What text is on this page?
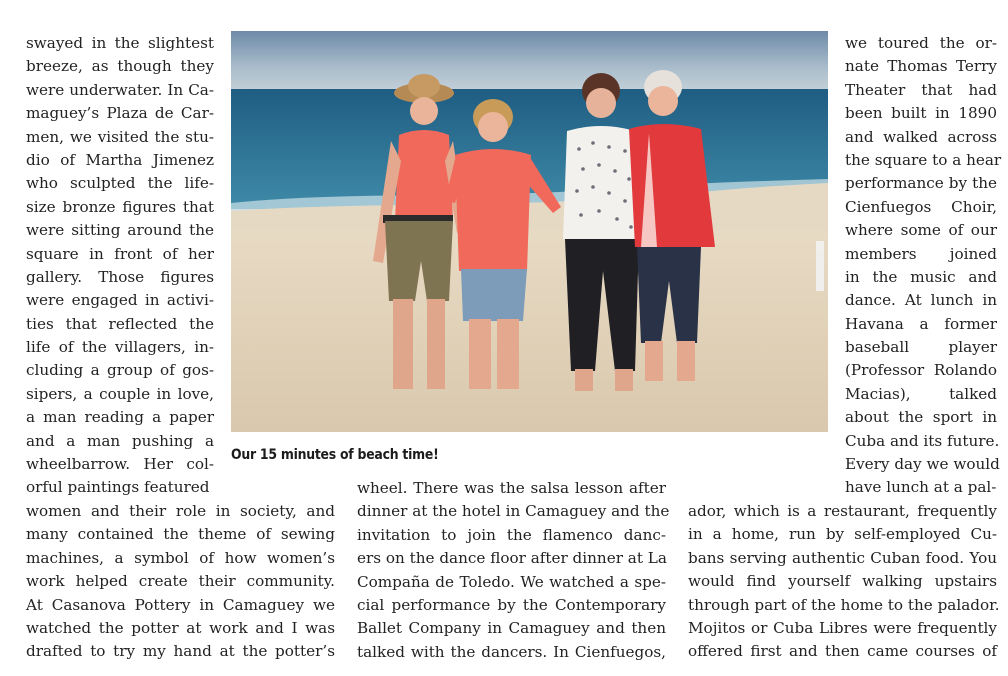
swayed in the slightest
breeze, as though they
were underwater. In Ca-
maguey’s Plaza de Car-
men, we visited the stu-
dio of Martha Jimenez
who sculpted the life-
size bronze figures that
were sitting around the
square in front of her
gallery. Those figures
were engaged in activi-
ties that reflected the
life of the villagers, in-
cluding a group of gos-
sipers, a couple in love,
a man reading a paper
and a man pushing a
wheelbarrow. Her col-
orful paintings featured
Our 15 minutes of beach time!
women and their role in society, and
many contained the theme of sewing
machines, a symbol of how women’s
work helped create their community.
At Casanova Pottery in Camaguey we
watched the potter at work and I was
drafted to try my hand at the potter’s
wheel. There was the salsa lesson after
dinner at the hotel in Camaguey and the
invitation to join the flamenco danc-
ers on the dance floor after dinner at La
Compaña de Toledo. We watched a spe-
cial performance by the Contemporary
Ballet Company in Camaguey and then
talked with the dancers. In Cienfuegos,
we toured the or-
nate Thomas Terry
Theater that had
been built in 1890
and walked across
the square to a hear
performance by the
Cienfuegos Choir,
where some of our
members joined
in the music and
dance. At lunch in
Havana a former
baseball player
(Professor Rolando
Macias), talked
about the sport in
Cuba and its future.
Every day we would
have lunch at a pal-
ador, which is a restaurant, frequently
in a home, run by self-employed Cu-
bans serving authentic Cuban food. You
would find yourself walking upstairs
through part of the home to the palador.
Mojitos or Cuba Libres were frequently
offered first and then came courses of
